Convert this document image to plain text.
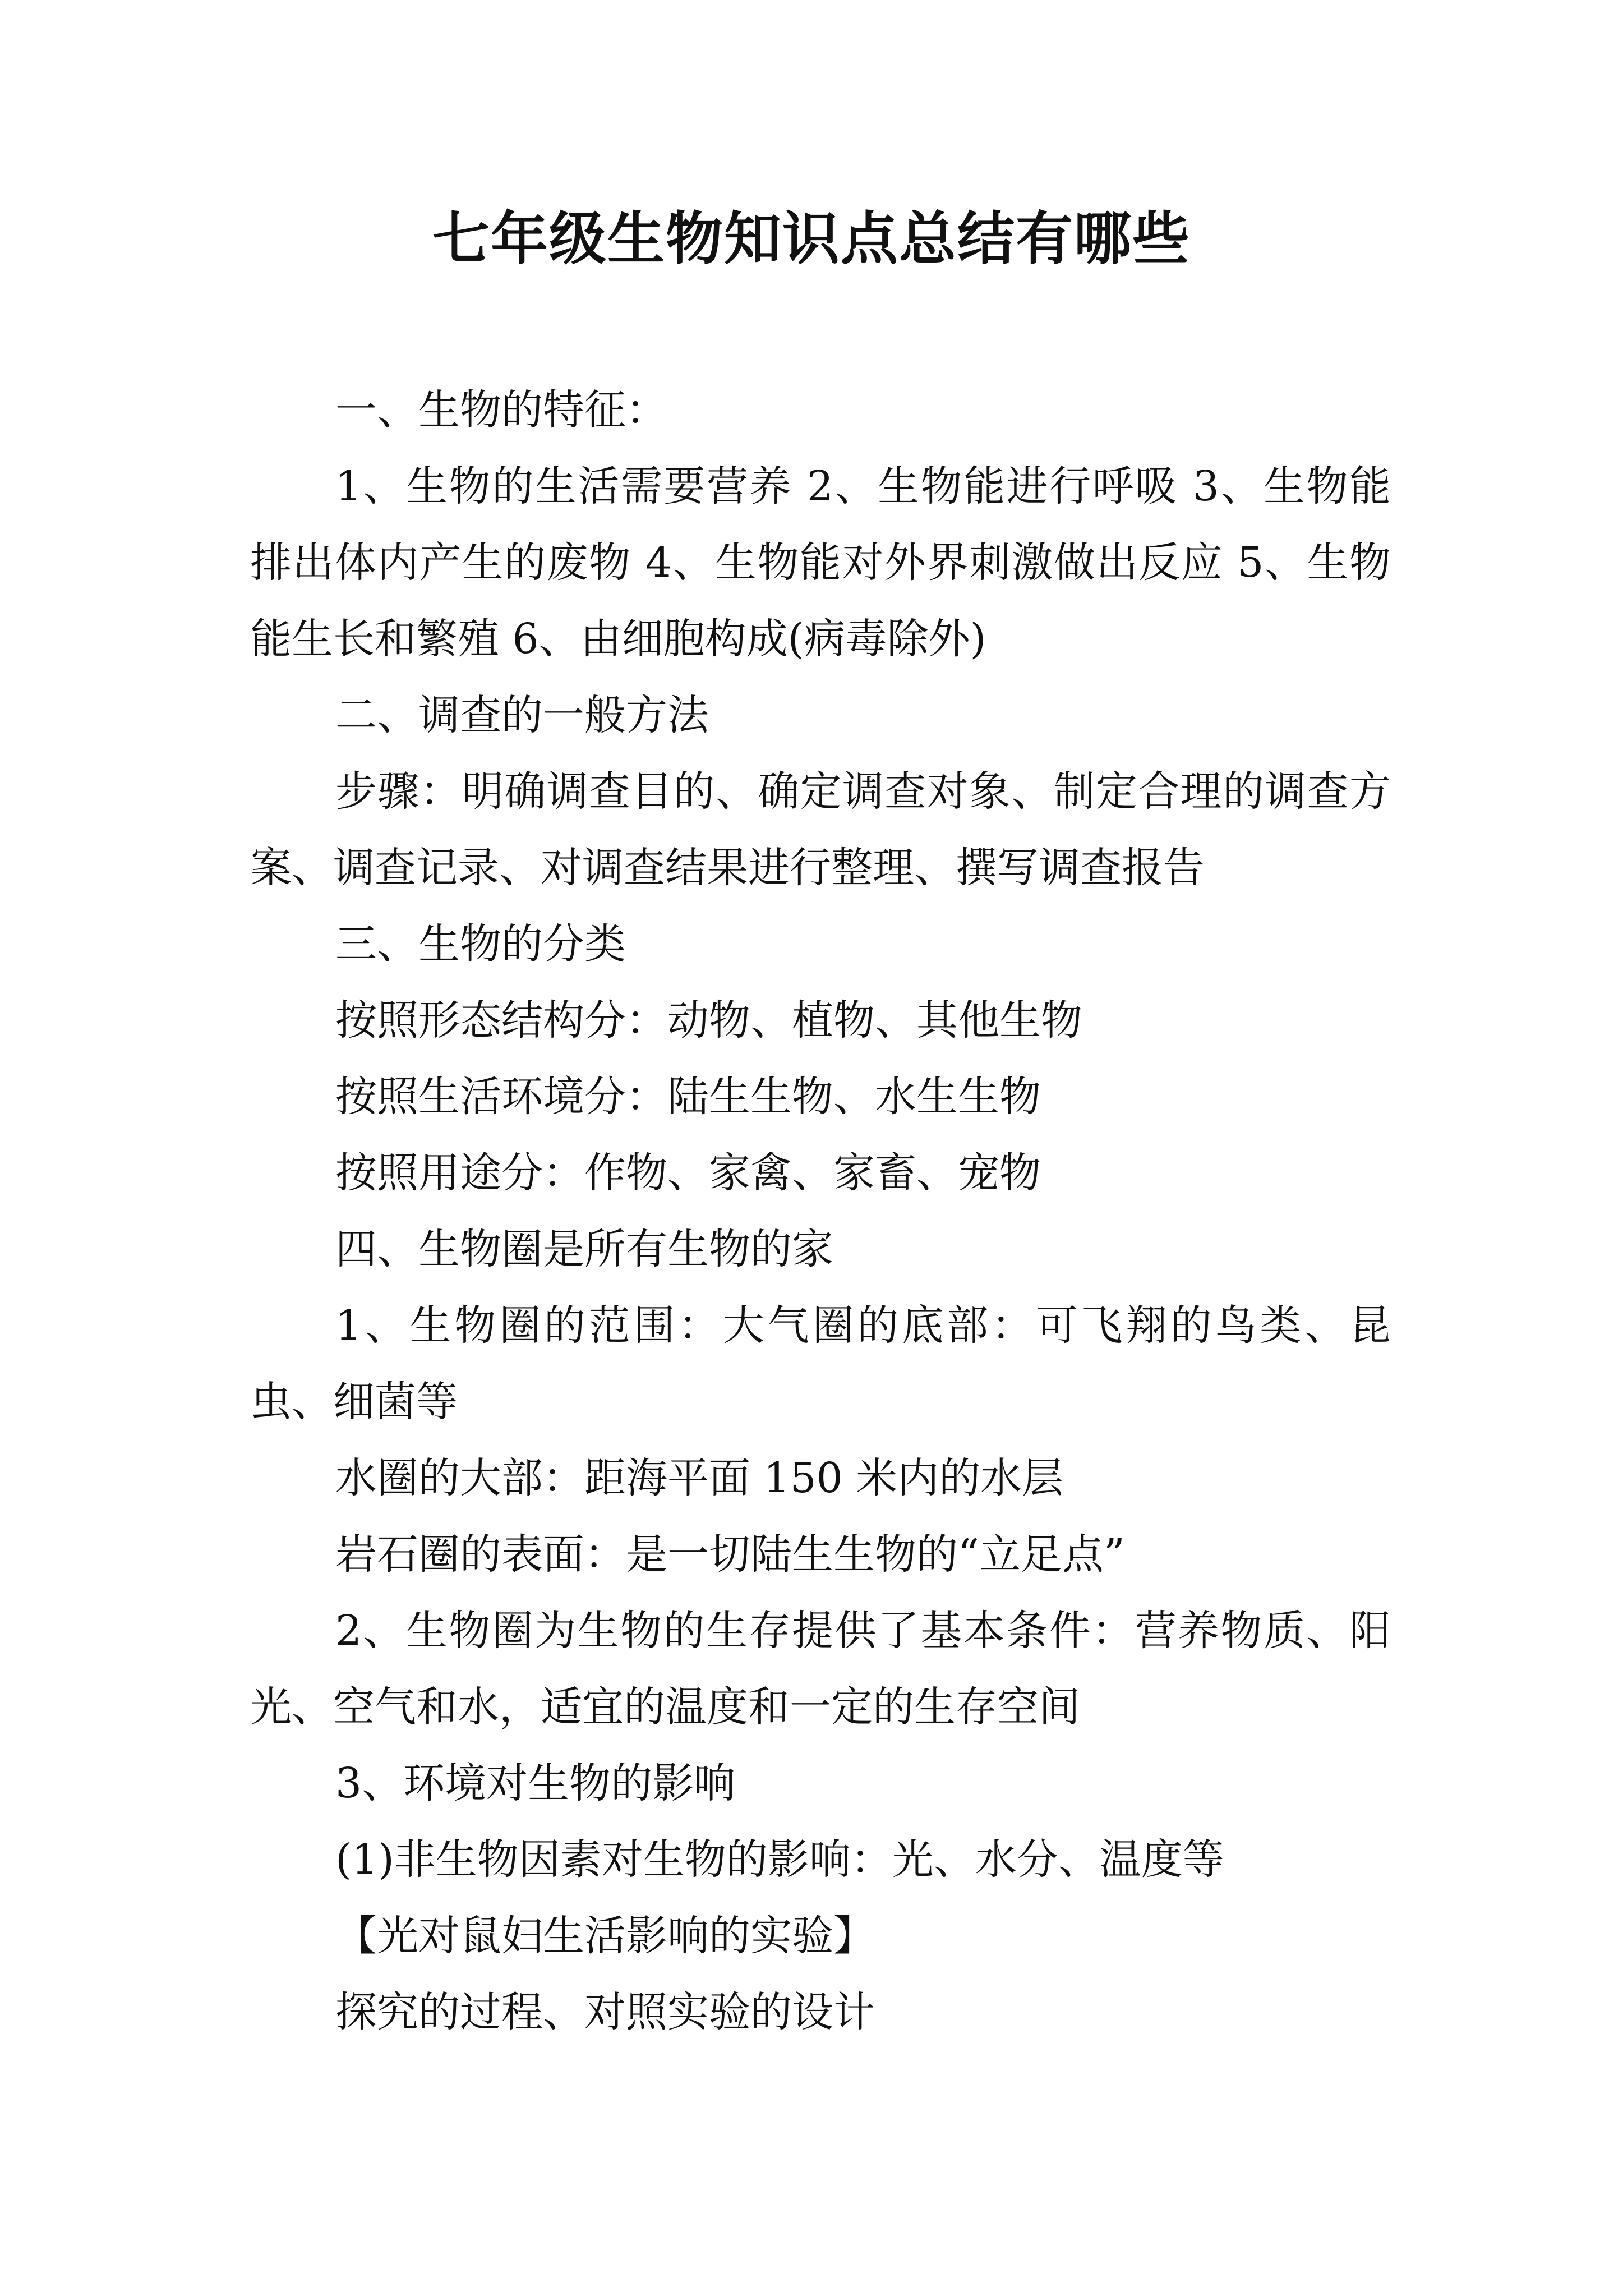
七年级生物知识点总结有哪些

一、生物的特征：

1、生物的生活需要营养 2、生物能进行呼吸 3、生物能排出体内产生的废物 4、生物能对外界刺激做出反应 5、生物能生长和繁殖 6、由细胞构成(病毒除外)

二、调查的一般方法

步骤：明确调查目的、确定调查对象、制定合理的调查方案、调查记录、对调查结果进行整理、撰写调查报告

三、生物的分类

按照形态结构分：动物、植物、其他生物

按照生活环境分：陆生生物、水生生物

按照用途分：作物、家禽、家畜、宠物

四、生物圈是所有生物的家

1、生物圈的范围：大气圈的底部：可飞翔的鸟类、昆虫、细菌等

水圈的大部：距海平面 150 米内的水层

岩石圈的表面：是一切陆生生物的“立足点”

2、生物圈为生物的生存提供了基本条件：营养物质、阳光、空气和水，适宜的温度和一定的生存空间

3、环境对生物的影响

(1)非生物因素对生物的影响：光、水分、温度等

【光对鼠妇生活影响的实验】

探究的过程、对照实验的设计
